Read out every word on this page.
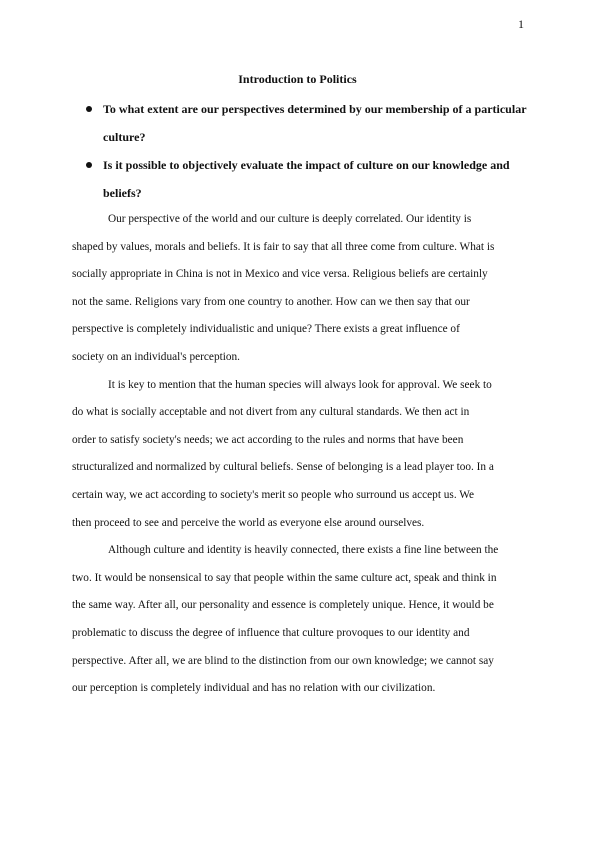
1
Introduction to Politics
To what extent are our perspectives determined by our membership of a particular
culture?
Is it possible to objectively evaluate the impact of culture on our knowledge and
beliefs?

Our perspective of the world and our culture is deeply correlated. Our identity is
shaped by values, morals and beliefs. It is fair to say that all three come from culture. What is
socially appropriate in China is not in Mexico and vice versa. Religious beliefs are certainly
not the same. Religions vary from one country to another. How can we then say that our
perspective is completely individualistic and unique? There exists a great influence of
society on an individual's perception.

It is key to mention that the human species will always look for approval. We seek to
do what is socially acceptable and not divert from any cultural standards. We then act in
order to satisfy society's needs; we act according to the rules and norms that have been
structuralized and normalized by cultural beliefs. Sense of belonging is a lead player too. In a
certain way, we act according to society's merit so people who surround us accept us. We
then proceed to see and perceive the world as everyone else around ourselves.

Although culture and identity is heavily connected, there exists a fine line between the
two. It would be nonsensical to say that people within the same culture act, speak and think in
the same way. After all, our personality and essence is completely unique. Hence, it would be
problematic to discuss the degree of influence that culture provoques to our identity and
perspective. After all, we are blind to the distinction from our own knowledge; we cannot say
our perception is completely individual and has no relation with our civilization.
